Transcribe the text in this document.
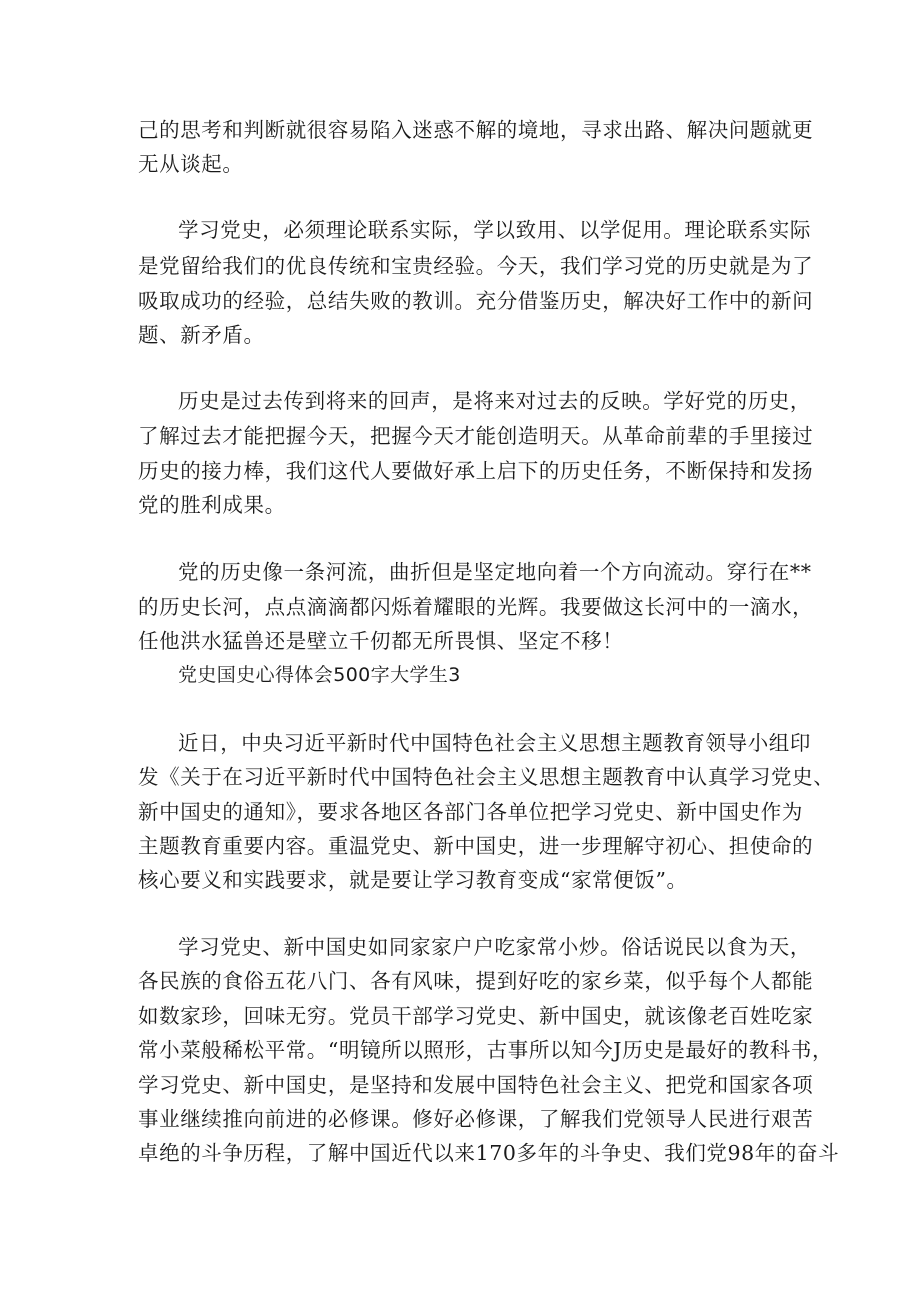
己的思考和判断就很容易陷入迷惑不解的境地，寻求出路、解决问题就更
无从谈起。
学习党史，必须理论联系实际，学以致用、以学促用。理论联系实际
是党留给我们的优良传统和宝贵经验。今天，我们学习党的历史就是为了
吸取成功的经验，总结失败的教训。充分借鉴历史，解决好工作中的新问
题、新矛盾。
历史是过去传到将来的回声，是将来对过去的反映。学好党的历史，
了解过去才能把握今天，把握今天才能创造明天。从革命前辈的手里接过
历史的接力棒，我们这代人要做好承上启下的历史任务，不断保持和发扬
党的胜利成果。
党的历史像一条河流，曲折但是坚定地向着一个方向流动。穿行在**
的历史长河，点点滴滴都闪烁着耀眼的光辉。我要做这长河中的一滴水，
任他洪水猛兽还是壁立千仞都无所畏惧、坚定不移！
党史国史心得体会500字大学生3
近日，中央习近平新时代中国特色社会主义思想主题教育领导小组印
发《关于在习近平新时代中国特色社会主义思想主题教育中认真学习党史、
新中国史的通知》，要求各地区各部门各单位把学习党史、新中国史作为
主题教育重要内容。重温党史、新中国史，进一步理解守初心、担使命的
核心要义和实践要求，就是要让学习教育变成“家常便饭”。
学习党史、新中国史如同家家户户吃家常小炒。俗话说民以食为天，
各民族的食俗五花八门、各有风味，提到好吃的家乡菜，似乎每个人都能
如数家珍，回味无穷。党员干部学习党史、新中国史，就该像老百姓吃家
常小菜般稀松平常。“明镜所以照形，古事所以知今J历史是最好的教科书，
学习党史、新中国史，是坚持和发展中国特色社会主义、把党和国家各项
事业继续推向前进的必修课。修好必修课，了解我们党领导人民进行艰苦
卓绝的斗争历程，了解中国近代以来170多年的斗争史、我们党98年的奋斗
